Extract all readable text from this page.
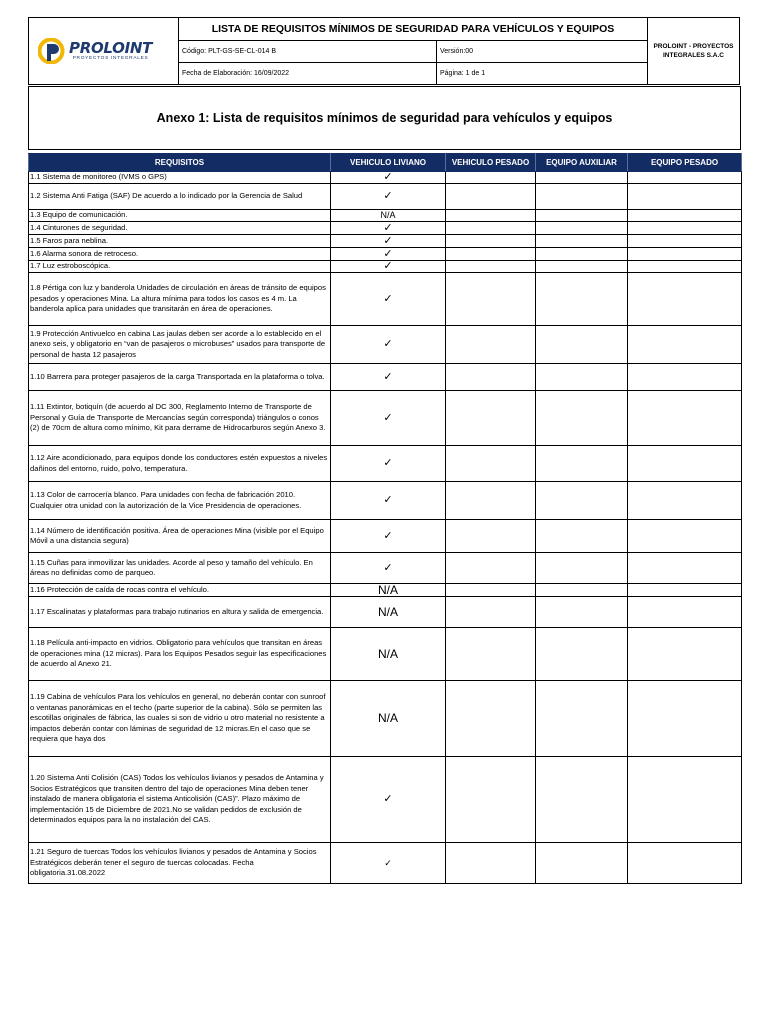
PROLOINT
PROYECTOS INTEGRALES	LISTA DE REQUISITOS MÍNIMOS DE SEGURIDAD PARA VEHÍCULOS Y EQUIPOS		PROLOINT - PROYECTOS INTEGRALES S.A.C
	Código: PLT-GS-SE-CL-014 B	Versión:00	
	Fecha de Elaboración: 16/09/2022	Página: 1 de 1	
Anexo 1: Lista de requisitos mínimos de seguridad para vehículos y equipos
REQUISITOS	VEHICULO LIVIANO	VEHICULO PESADO	EQUIPO AUXILIAR	EQUIPO PESADO

1.1 Sistema de monitoreo (IVMS o GPS)	✓			

1.2 Sistema Anti Fatiga (SAF) De acuerdo a lo indicado por la Gerencia de Salud	✓			

1.3 Equipo de comunicación.	N/A			

1.4 Cinturones de seguridad.	✓			

1.5 Faros para neblina.	✓			

1.6 Alarma sonora de retroceso.	✓			

1.7 Luz estroboscópica.	✓			

1.8 Pértiga con luz y banderola Unidades de circulación en áreas de tránsito de equipos pesados y operaciones Mina. La altura mínima para todos los casos es 4 m. La banderola aplica para unidades que transitarán en área de operaciones.	✓			

1.9 Protección Antivuelco en cabina Las jaulas deben ser acorde a lo establecido en el anexo seis, y obligatorio en “van de pasajeros o microbuses” usados para transporte de personal de hasta 12 pasajeros	✓			

1.10 Barrera para proteger pasajeros de la carga Transportada en la plataforma o tolva.	✓			

1.11 Extintor, botiquín (de acuerdo al DC 300, Reglamento Interno de Transporte de Personal y Guía de Transporte de Mercancías según corresponda) triángulos o conos (2) de 70cm de altura como mínimo, Kit para derrame de Hidrocarburos según Anexo 3.	✓			

1.12 Aire acondicionado, para equipos donde los conductores estén expuestos a niveles dañinos del entorno, ruido, polvo, temperatura.	✓			

1.13 Color de carrocería blanco. Para unidades con fecha de fabricación 2010. Cualquier otra unidad con la autorización de la Vice Presidencia de operaciones.	✓			

1.14 Número de identificación positiva. Área de operaciones Mina (visible por el Equipo Móvil a una distancia segura)	✓			

1.15 Cuñas para inmovilizar las unidades. Acorde al peso y tamaño del vehículo. En áreas no definidas como de parqueo.	✓			

1.16 Protección de caída de rocas contra el vehículo.	N/A			

1.17 Escalinatas y plataformas para trabajo rutinarios en altura y salida de emergencia.	N/A			

1.18 Película anti-impacto en vidrios. Obligatorio para vehículos que transitan en áreas de operaciones mina (12 micras). Para los Equipos Pesados seguir las especificaciones de acuerdo al Anexo 21.	N/A			

1.19 Cabina de vehículos Para los vehículos en general, no deberán contar con sunroof o ventanas panorámicas en el techo (parte superior de la cabina). Sólo se permiten las escotillas originales de fábrica, las cuales si son de vidrio u otro material no resistente a impactos deberán contar con láminas de seguridad de 12 micras.En el caso que se requiera que haya dos	N/A			

1.20 Sistema Anti Colisión (CAS) Todos los vehículos livianos y pesados de Antamina y Socios Estratégicos que transiten dentro del tajo de operaciones Mina deben tener instalado de manera obligatoria el sistema Anticolisión (CAS)”. Plazo máximo de implementación 15 de Diciembre de 2021.No se validan pedidos de exclusión de determinados equipos para la no instalación del CAS.	✓			

1.21 Seguro de tuercas Todos los vehículos livianos y pesados de Antamina y Socios Estratégicos deberán tener el seguro de tuercas colocadas. Fecha obligatoria.31.08.2022	✓			
